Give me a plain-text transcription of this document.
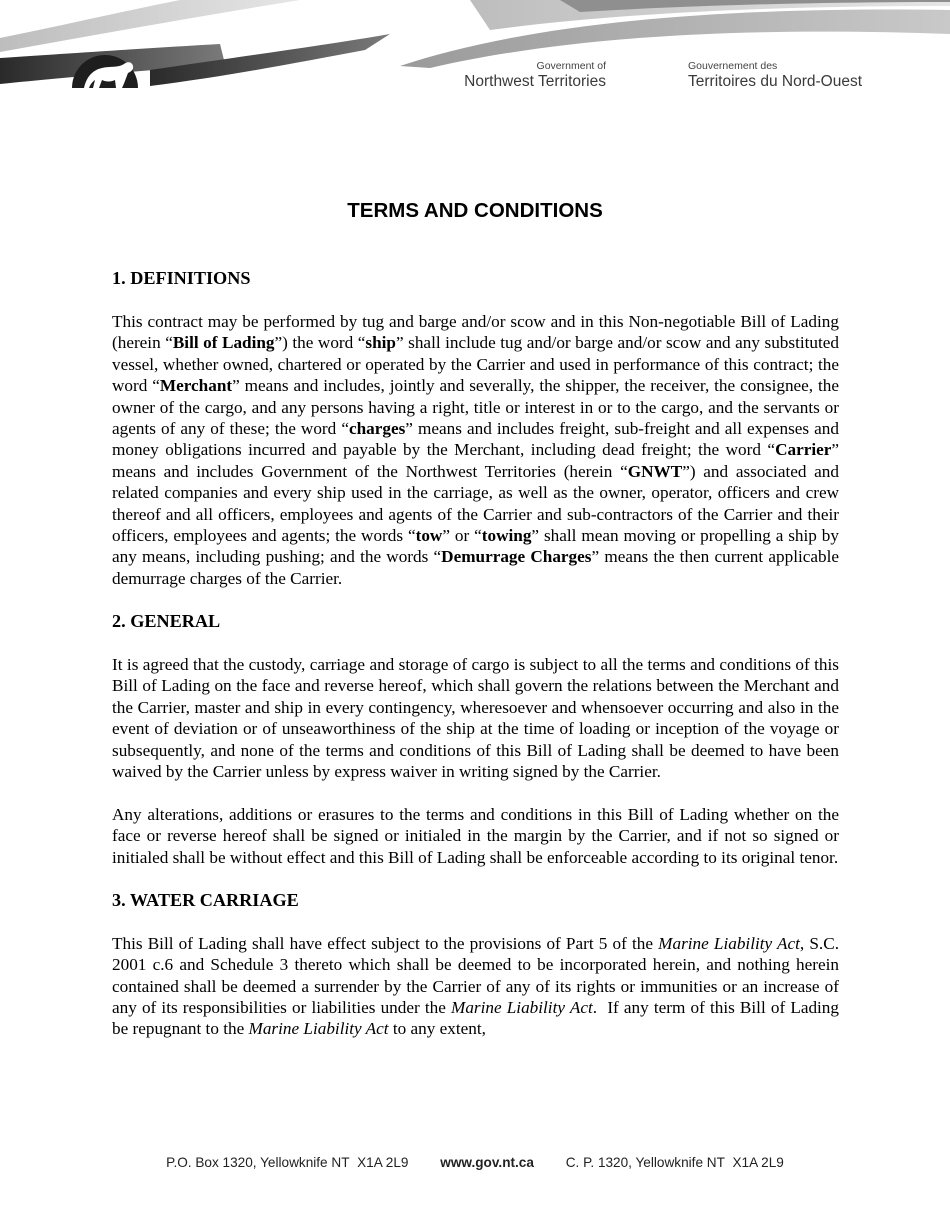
Government of
Northwest Territories
Gouvernement des
Territoires du Nord-Ouest
TERMS AND CONDITIONS
1. DEFINITIONS

This contract may be performed by tug and barge and/or scow and in this Non-negotiable Bill of Lading (herein “Bill of Lading”) the word “ship” shall include tug and/or barge and/or scow and any substituted vessel, whether owned, chartered or operated by the Carrier and used in performance of this contract; the word “Merchant” means and includes, jointly and severally, the shipper, the receiver, the consignee, the owner of the cargo, and any persons having a right, title or interest in or to the cargo, and the servants or agents of any of these; the word “charges” means and includes freight, sub-freight and all expenses and money obligations incurred and payable by the Merchant, including dead freight; the word “Carrier” means and includes Government of the Northwest Territories (herein “GNWT”) and associated and related companies and every ship used in the carriage, as well as the owner, operator, officers and crew thereof and all officers, employees and agents of the Carrier and sub-contractors of the Carrier and their officers, employees and agents; the words “tow” or “towing” shall mean moving or propelling a ship by any means, including pushing; and the words “Demurrage Charges” means the then current applicable demurrage charges of the Carrier.

2. GENERAL

It is agreed that the custody, carriage and storage of cargo is subject to all the terms and conditions of this Bill of Lading on the face and reverse hereof, which shall govern the relations between the Merchant and the Carrier, master and ship in every contingency, wheresoever and whensoever occurring and also in the event of deviation or of unseaworthiness of the ship at the time of loading or inception of the voyage or subsequently, and none of the terms and conditions of this Bill of Lading shall be deemed to have been waived by the Carrier unless by express waiver in writing signed by the Carrier.

Any alterations, additions or erasures to the terms and conditions in this Bill of Lading whether on the face or reverse hereof shall be signed or initialed in the margin by the Carrier, and if not so signed or initialed shall be without effect and this Bill of Lading shall be enforceable according to its original tenor.

3. WATER CARRIAGE

This Bill of Lading shall have effect subject to the provisions of Part 5 of the Marine Liability Act, S.C. 2001 c.6 and Schedule 3 thereto which shall be deemed to be incorporated herein, and nothing herein contained shall be deemed a surrender by the Carrier of any of its rights or immunities or an increase of any of its responsibilities or liabilities under the Marine Liability Act.  If any term of this Bill of Lading be repugnant to the Marine Liability Act to any extent,

P.O. Box 1320, Yellowknife NT  X1A 2L9 www.gov.nt.ca C. P. 1320, Yellowknife NT  X1A 2L9
